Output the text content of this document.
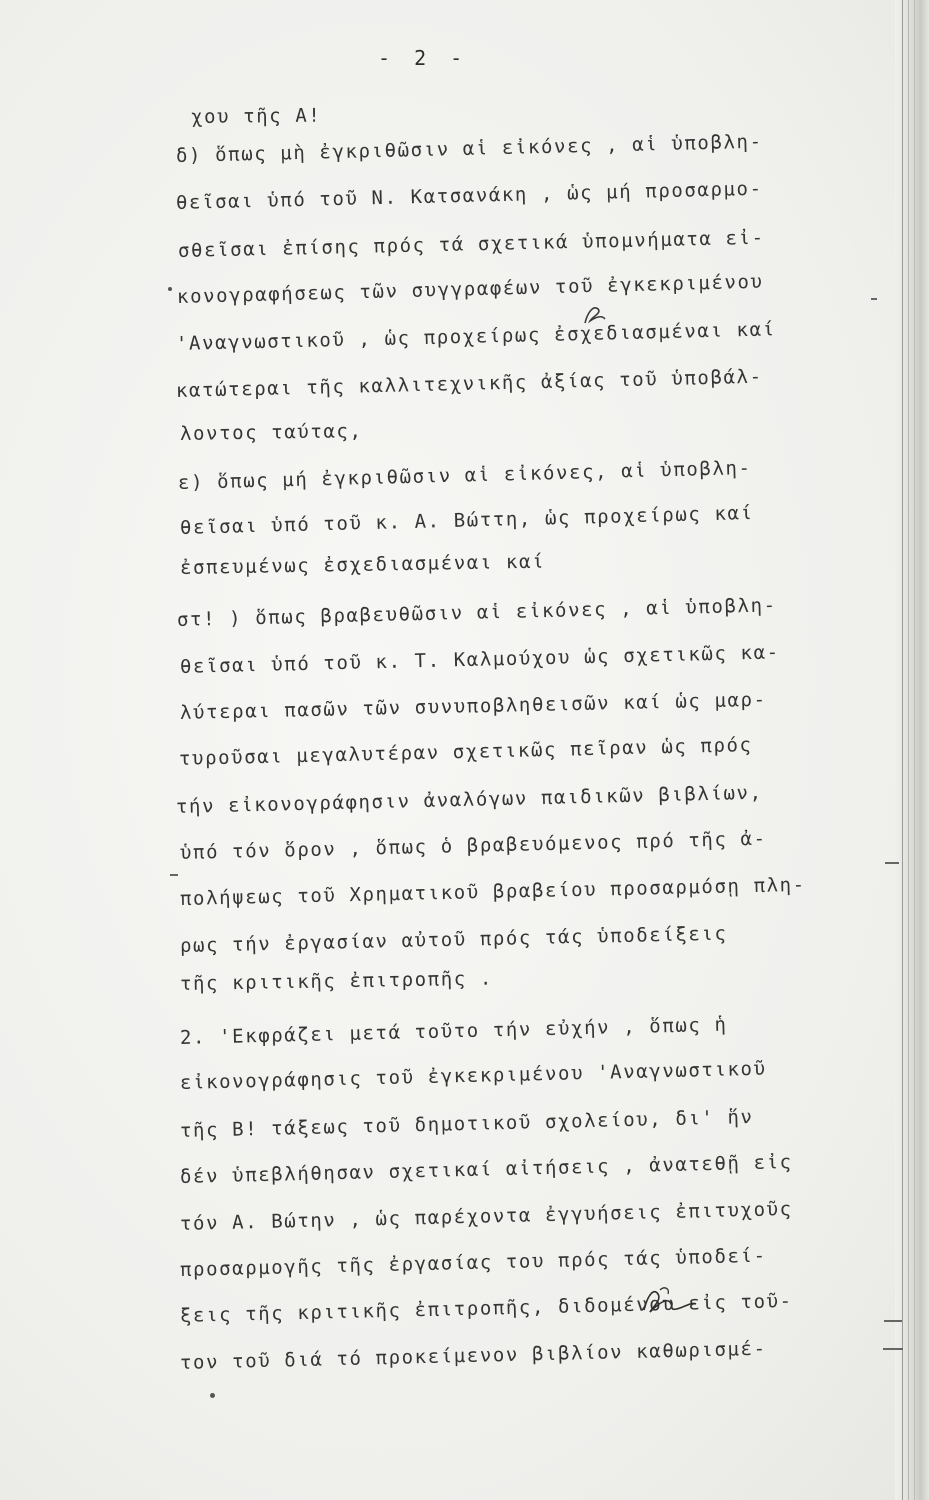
- 2 -
χου τῆς Α!
δ) ὅπως μὴ ἐγκριθῶσιν αἱ εἰκόνες , αἱ ὑποβλη-
θεῖσαι ὑπό τοῦ Ν. Κατσανάκη , ὡς μή προσαρμο-
σθεῖσαι ἐπίσης πρός τά σχετικά ὑπομνήματα εἰ-
κονογραφήσεως τῶν συγγραφέων τοῦ ἐγκεκριμένου
'Αναγνωστικοῦ , ὡς προχείρως ἐσχεδιασμέναι καί
κατώτεραι τῆς καλλιτεχνικῆς ἀξίας τοῦ ὑποβάλ-
λοντος ταύτας,
ε) ὅπως μή ἐγκριθῶσιν αἱ εἰκόνες, αἱ ὑποβλη-
θεῖσαι ὑπό τοῦ κ. Α. Βώττη, ὡς προχείρως καί
ἐσπευμένως ἐσχεδιασμέναι καί
στ! ) ὅπως βραβευθῶσιν αἱ εἰκόνες , αἱ ὑποβλη-
θεῖσαι ὑπό τοῦ κ. Τ. Καλμούχου ὡς σχετικῶς κα-
λύτεραι πασῶν τῶν συνυποβληθεισῶν καί ὡς μαρ-
τυροῦσαι μεγαλυτέραν σχετικῶς πεῖραν ὡς πρός
τήν εἰκονογράφησιν ἀναλόγων παιδικῶν βιβλίων,
ὑπό τόν ὅρον , ὅπως ὁ βραβευόμενος πρό τῆς ἀ-
πολήψεως τοῦ Χρηματικοῦ βραβείου προσαρμόσῃ πλη-
ρως τήν ἐργασίαν αὐτοῦ πρός τάς ὑποδείξεις
τῆς κριτικῆς ἐπιτροπῆς .
2. 'Εκφράζει μετά τοῦτο τήν εὐχήν , ὅπως ἡ
εἰκονογράφησις τοῦ ἐγκεκριμένου 'Αναγνωστικοῦ
τῆς Β! τάξεως τοῦ δημοτικοῦ σχολείου, δι' ἥν
δέν ὑπεβλήθησαν σχετικαί αἰτήσεις , ἀνατεθῇ εἰς
τόν Α. Βώτην , ὡς παρέχοντα ἐγγυήσεις ἐπιτυχοῦς
προσαρμογῆς τῆς ἐργασίας του πρός τάς ὑποδεί-
ξεις τῆς κριτικῆς ἐπιτροπῆς, διδομένου εἰς τοῦ-
τον τοῦ διά τό προκείμενον βιβλίον καθωρισμέ-
